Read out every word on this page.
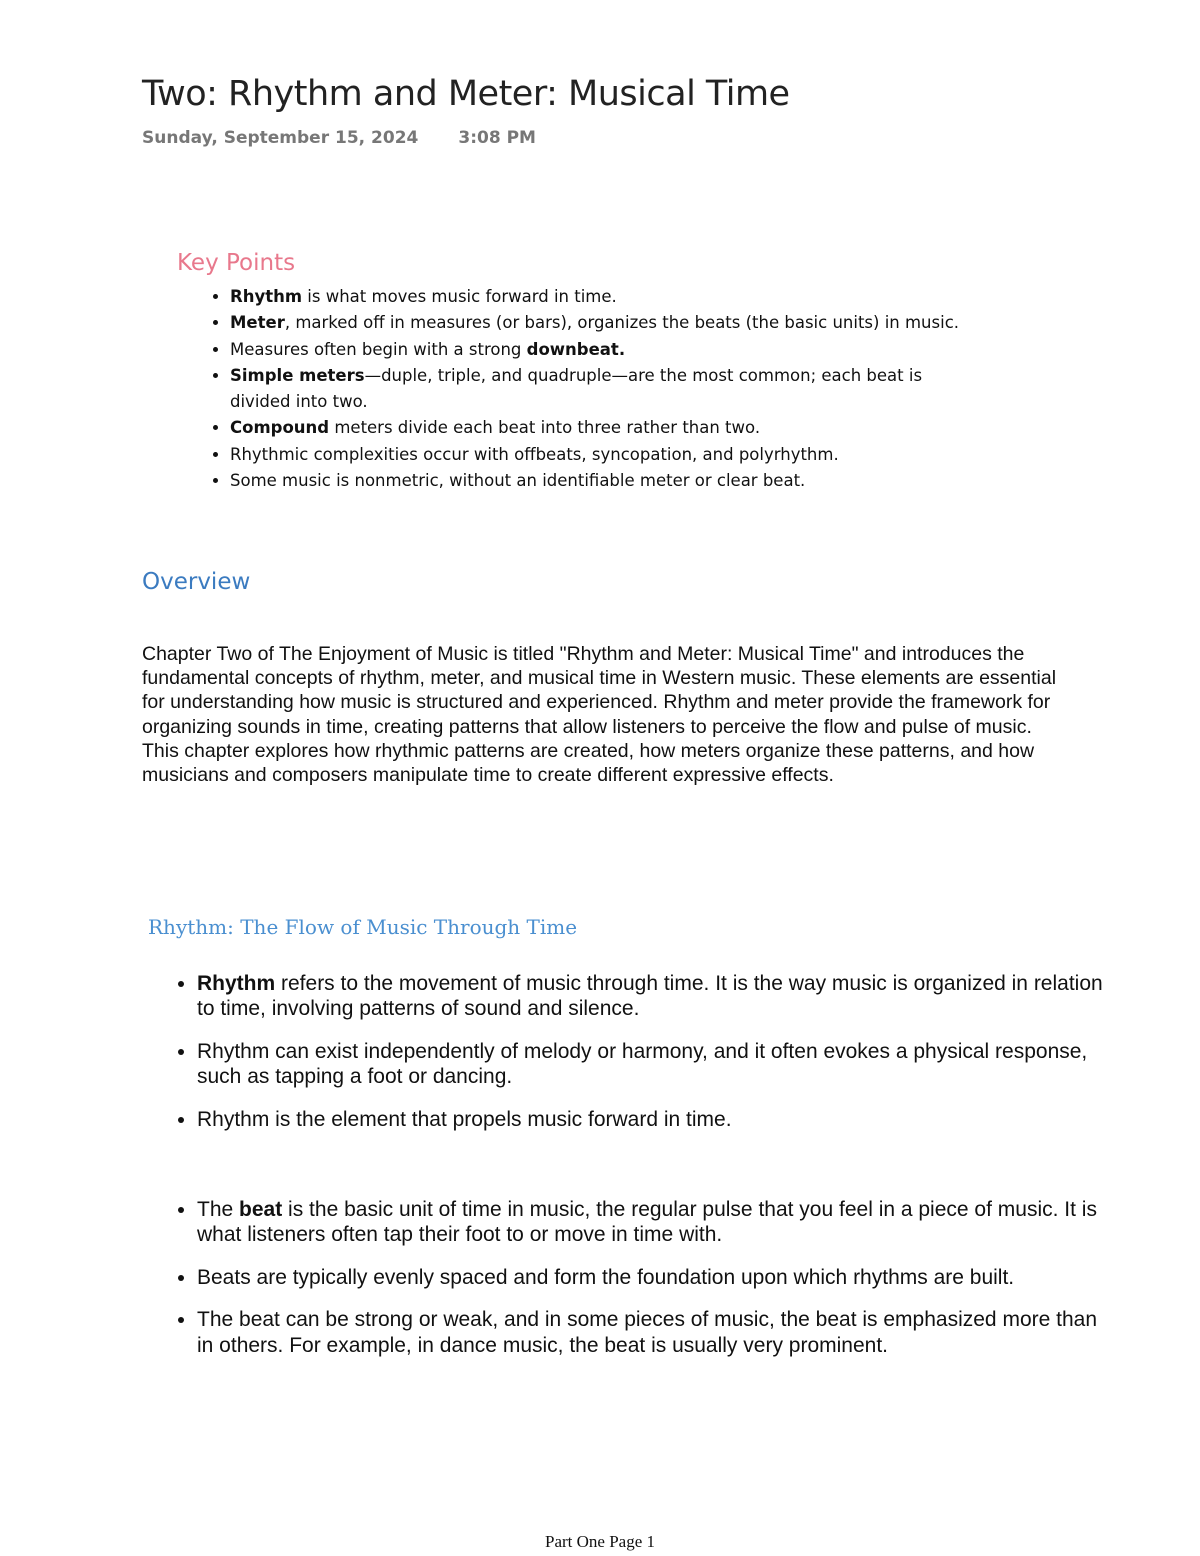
Two: Rhythm and Meter: Musical Time
Sunday, September 15, 2024 3:08 PM
Key Points
• Rhythm is what moves music forward in time.
• Meter, marked off in measures (or bars), organizes the beats (the basic units) in music.
• Measures often begin with a strong downbeat.
• Simple meters—duple, triple, and quadruple—are the most common; each beat is divided into two.
• Compound meters divide each beat into three rather than two.
• Rhythmic complexities occur with offbeats, syncopation, and polyrhythm.
• Some music is nonmetric, without an identifiable meter or clear beat.
Overview

Chapter Two of The Enjoyment of Music is titled "Rhythm and Meter: Musical Time" and introduces the fundamental concepts of rhythm, meter, and musical time in Western music. These elements are essential for understanding how music is structured and experienced. Rhythm and meter provide the framework for organizing sounds in time, creating patterns that allow listeners to perceive the flow and pulse of music. This chapter explores how rhythmic patterns are created, how meters organize these patterns, and how musicians and composers manipulate time to create different expressive effects.

Rhythm: The Flow of Music Through Time
• Rhythm refers to the movement of music through time. It is the way music is organized in relation to time, involving patterns of sound and silence.
• Rhythm can exist independently of melody or harmony, and it often evokes a physical response, such as tapping a foot or dancing.
• Rhythm is the element that propels music forward in time.
• The beat is the basic unit of time in music, the regular pulse that you feel in a piece of music. It is what listeners often tap their foot to or move in time with.
• Beats are typically evenly spaced and form the foundation upon which rhythms are built.
• The beat can be strong or weak, and in some pieces of music, the beat is emphasized more than in others. For example, in dance music, the beat is usually very prominent.
Part One Page 1
